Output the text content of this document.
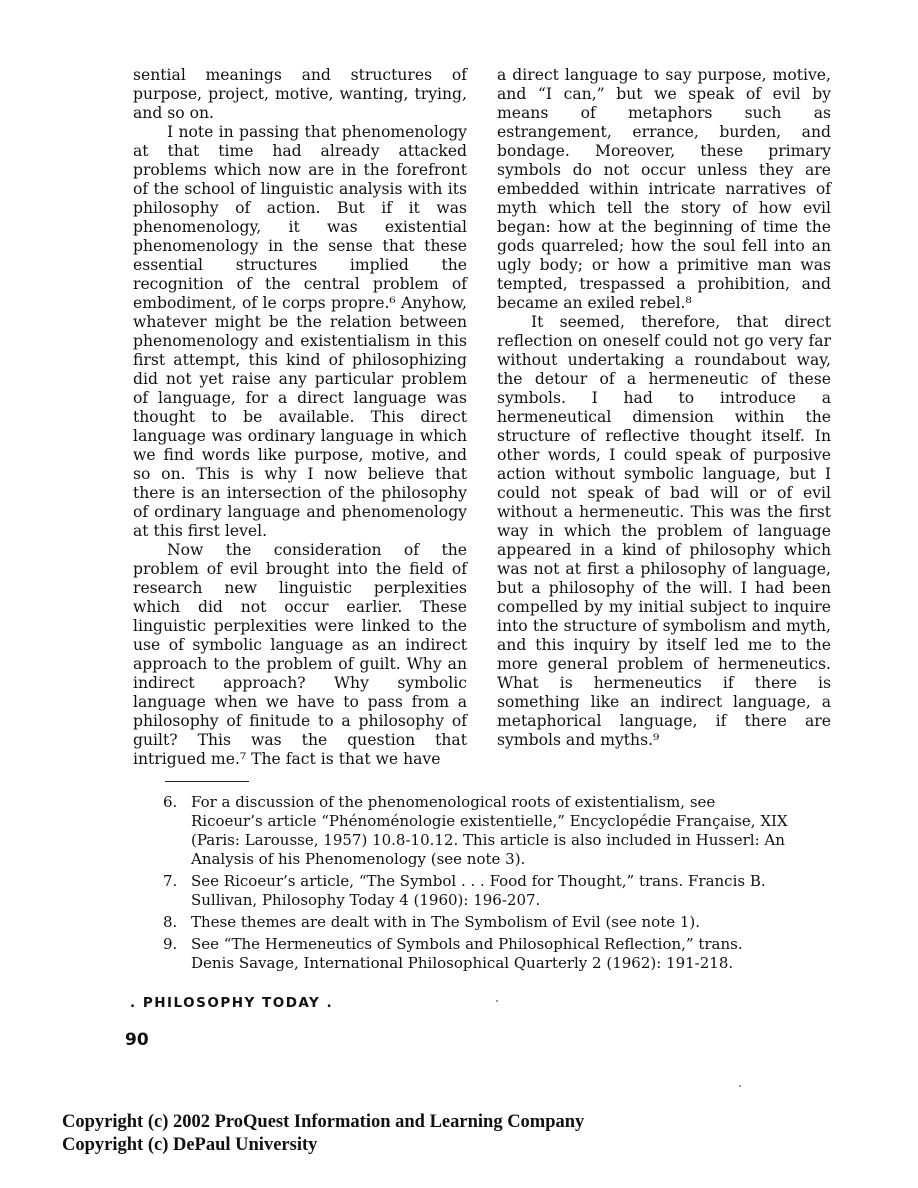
sential meanings and structures of purpose, project, motive, wanting, trying, and so on.

I note in passing that phenomenology at that time had already attacked problems which now are in the forefront of the school of linguistic analysis with its philosophy of action. But if it was phenomenology, it was existential phenomenology in the sense that these essential structures implied the recognition of the central problem of embodiment, of le corps propre.⁶ Anyhow, whatever might be the relation between phenomenology and existentialism in this first attempt, this kind of philosophizing did not yet raise any particular problem of language, for a direct language was thought to be available. This direct language was ordinary language in which we find words like purpose, motive, and so on. This is why I now believe that there is an intersection of the philosophy of ordinary language and phenomenology at this first level.

Now the consideration of the problem of evil brought into the field of research new linguistic perplexities which did not occur earlier. These linguistic perplexities were linked to the use of symbolic language as an indirect approach to the problem of guilt. Why an indirect approach? Why symbolic language when we have to pass from a philosophy of finitude to a philosophy of guilt? This was the question that intrigued me.⁷ The fact is that we have

a direct language to say purpose, motive, and “I can,” but we speak of evil by means of metaphors such as estrangement, errance, burden, and bondage. Moreover, these primary symbols do not occur unless they are embedded within intricate narratives of myth which tell the story of how evil began: how at the beginning of time the gods quarreled; how the soul fell into an ugly body; or how a primitive man was tempted, trespassed a prohibition, and became an exiled rebel.⁸

It seemed, therefore, that direct reflection on oneself could not go very far without undertaking a roundabout way, the detour of a hermeneutic of these symbols. I had to introduce a hermeneutical dimension within the structure of reflective thought itself. In other words, I could speak of purposive action without symbolic language, but I could not speak of bad will or of evil without a hermeneutic. This was the first way in which the problem of language appeared in a kind of philosophy which was not at first a philosophy of language, but a philosophy of the will. I had been compelled by my initial subject to inquire into the structure of symbolism and myth, and this inquiry by itself led me to the more general problem of hermeneutics. What is hermeneutics if there is something like an indirect language, a metaphorical language, if there are symbols and myths.⁹

6. For a discussion of the phenomenological roots of existentialism, see Ricoeur’s article “Phénoménologie existentielle,” Encyclopédie Française, XIX (Paris: Larousse, 1957) 10.8-10.12. This article is also included in Husserl: An Analysis of his Phenomenology (see note 3).
7. See Ricoeur’s article, “The Symbol . . . Food for Thought,” trans. Francis B. Sullivan, Philosophy Today 4 (1960): 196-207.
8. These themes are dealt with in The Symbolism of Evil (see note 1).
9. See “The Hermeneutics of Symbols and Philosophical Reflection,” trans. Denis Savage, International Philosophical Quarterly 2 (1962): 191-218.
. PHILOSOPHY TODAY .
90
Copyright (c) 2002 ProQuest Information and Learning Company
Copyright (c) DePaul University
